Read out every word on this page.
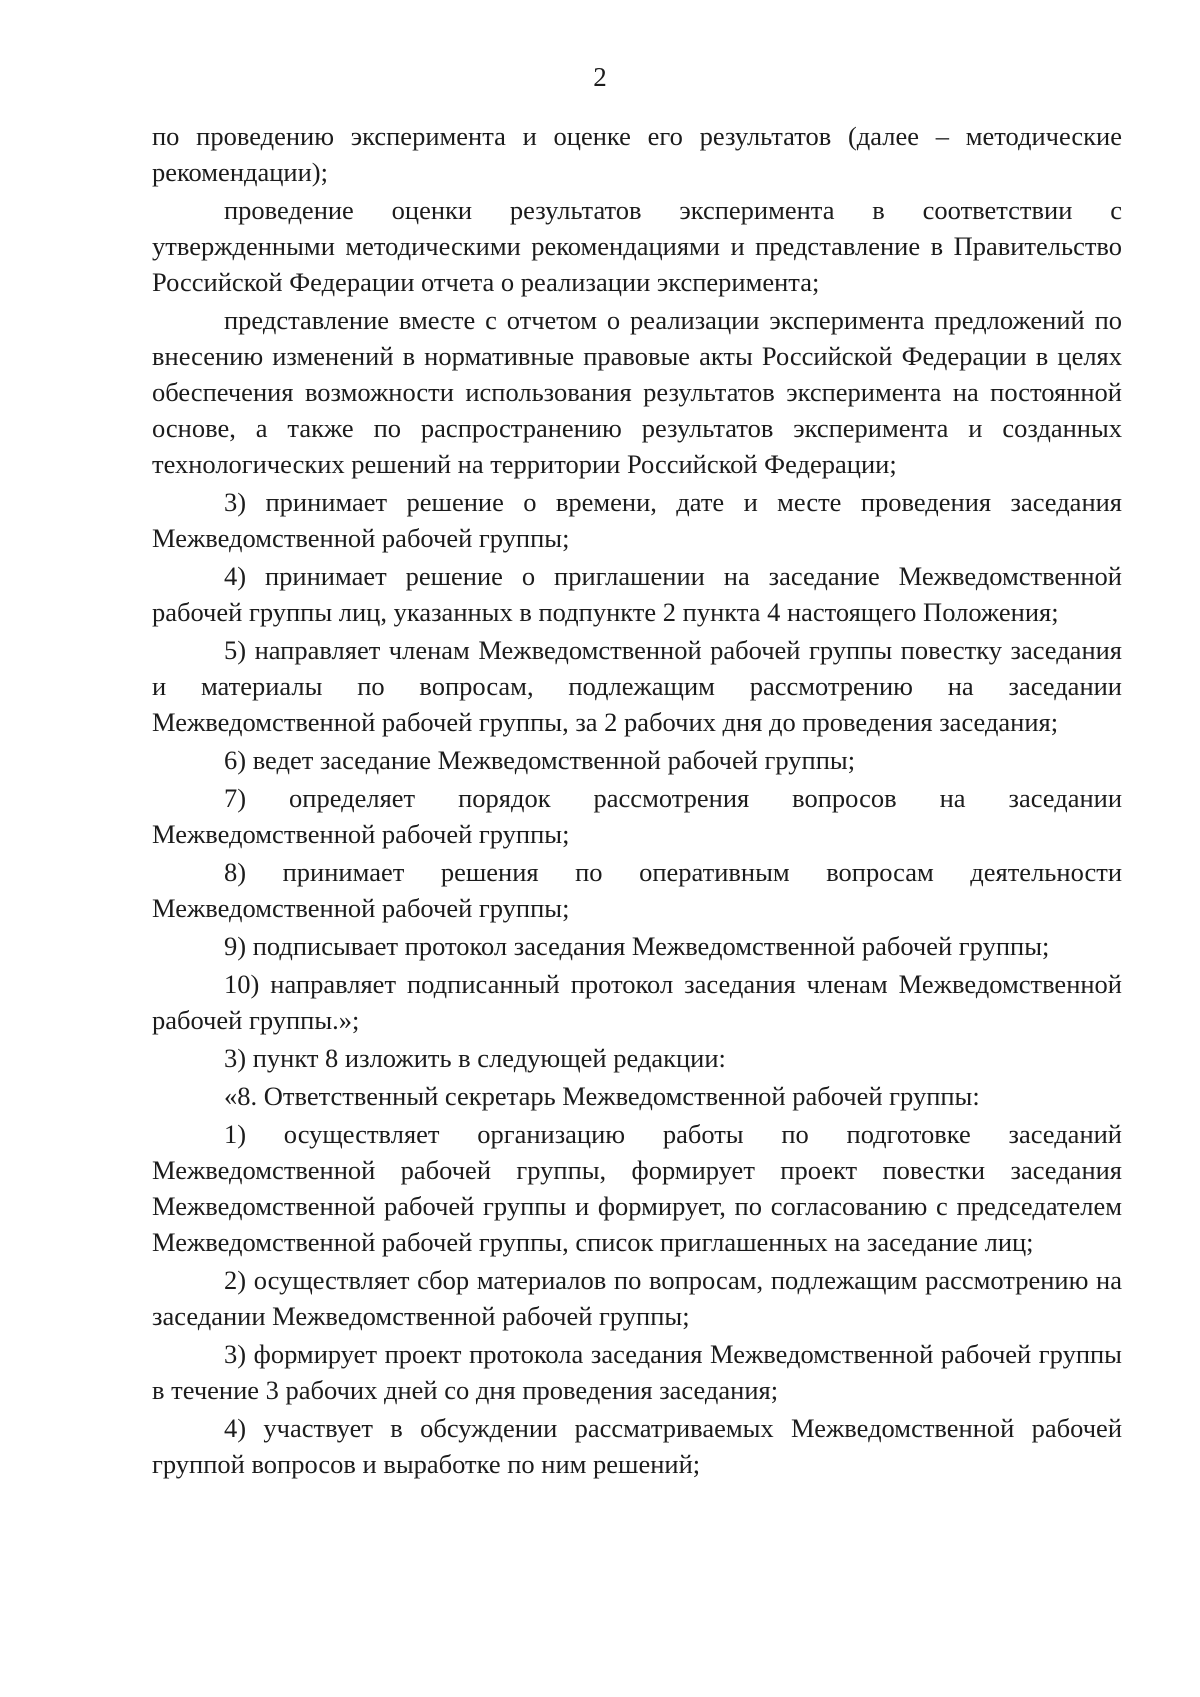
2

по проведению эксперимента и оценке его результатов (далее – методические рекомендации);

проведение оценки результатов эксперимента в соответствии с утвержденными методическими рекомендациями и представление в Правительство Российской Федерации отчета о реализации эксперимента;

представление вместе с отчетом о реализации эксперимента предложений по внесению изменений в нормативные правовые акты Российской Федерации в целях обеспечения возможности использования результатов эксперимента на постоянной основе, а также по распространению результатов эксперимента и созданных технологических решений на территории Российской Федерации;

3) принимает решение о времени, дате и месте проведения заседания Межведомственной рабочей группы;

4) принимает решение о приглашении на заседание Межведомственной рабочей группы лиц, указанных в подпункте 2 пункта 4 настоящего Положения;

5) направляет членам Межведомственной рабочей группы повестку заседания и материалы по вопросам, подлежащим рассмотрению на заседании Межведомственной рабочей группы, за 2 рабочих дня до проведения заседания;

6) ведет заседание Межведомственной рабочей группы;

7) определяет порядок рассмотрения вопросов на заседании Межведомственной рабочей группы;

8) принимает решения по оперативным вопросам деятельности Межведомственной рабочей группы;

9) подписывает протокол заседания Межведомственной рабочей группы;

10) направляет подписанный протокол заседания членам Межведомственной рабочей группы.»;

3) пункт 8 изложить в следующей редакции:

«8. Ответственный секретарь Межведомственной рабочей группы:

1) осуществляет организацию работы по подготовке заседаний Межведомственной рабочей группы, формирует проект повестки заседания Межведомственной рабочей группы и формирует, по согласованию с председателем Межведомственной рабочей группы, список приглашенных на заседание лиц;

2) осуществляет сбор материалов по вопросам, подлежащим рассмотрению на заседании Межведомственной рабочей группы;

3) формирует проект протокола заседания Межведомственной рабочей группы в течение 3 рабочих дней со дня проведения заседания;

4) участвует в обсуждении рассматриваемых Межведомственной рабочей группой вопросов и выработке по ним решений;
